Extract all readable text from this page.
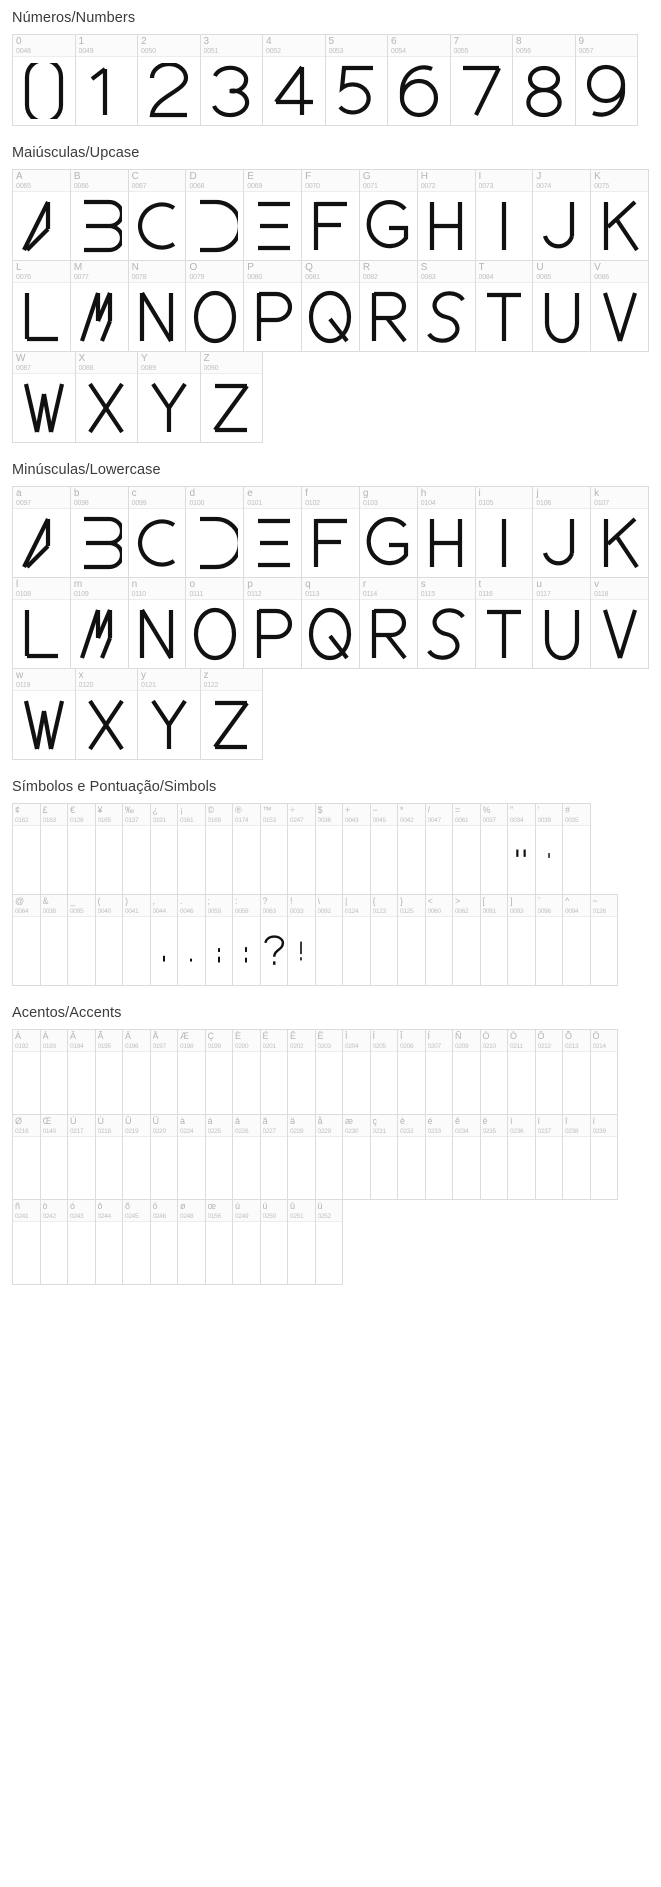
Números/Numbers
0
0048
1
0049
2
0050
3
0051
4
0052
5
0053
6
0054
7
0055
8
0056
9
0057
Maiúsculas/Upcase
A
0065
B
0066
C
0067
D
0068
E
0069
F
0070
G
0071
H
0072
I
0073
J
0074
K
0075
L
0076
M
0077
N
0078
O
0079
P
0080
Q
0081
R
0082
S
0083
T
0084
U
0085
V
0086
W
0087
X
0088
Y
0089
Z
0090
Minúsculas/Lowercase
a
0097
b
0098
c
0099
d
0100
e
0101
f
0102
g
0103
h
0104
i
0105
j
0106
k
0107
l
0108
m
0109
n
0110
o
0111
p
0112
q
0113
r
0114
s
0115
t
0116
u
0117
v
0118
w
0119
x
0120
y
0121
z
0122
Símbolos e Pontuação/Simbols
¢
0162
£
0163
€
0128
¥
0165
‰
0137
¿
0191
¡
0161
©
0169
®
0174
™
0153
÷
0247
$
0036
+
0043
−
0045
*
0042
/
0047
=
0061
%
0037
”
0034
’
0039
#
0035
@
0064
&
0038
_
0095
(
0040
)
0041
,
0044
.
0046
;
0059
:
0058
?
0063
!
0033
\
0092
|
0124
{
0123
}
0125
<
0060
>
0062
[
0091
]
0093
`
0096
^
0094
~
0126
Acentos/Accents
À
0192
Á
0193
Â
0194
Ã
0195
Ä
0196
Å
0197
Æ
0198
Ç
0199
È
0200
É
0201
Ê
0202
Ë
0203
Ì
0204
Í
0205
Î
0206
Ï
0207
Ñ
0209
Ò
0210
Ó
0211
Ô
0212
Õ
0213
Ö
0214
Ø
0216
Œ
0140
Ù
0217
Ú
0218
Û
0219
Ü
0220
à
0224
á
0225
â
0226
ã
0227
ä
0228
å
0229
æ
0230
ç
0231
è
0232
é
0233
ê
0234
ë
0235
ì
0236
í
0237
î
0238
ï
0239
ñ
0241
ò
0242
ó
0243
ô
0244
õ
0245
ö
0246
ø
0248
œ
0156
ù
0249
ú
0250
û
0251
ü
0252
